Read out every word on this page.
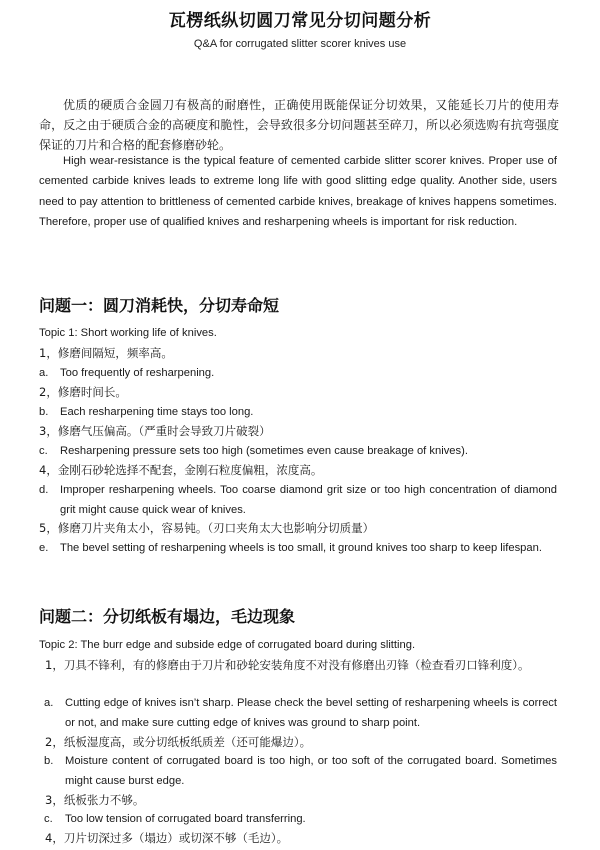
瓦楞纸纵切圆刀常见分切问题分析
Q&A for corrugated slitter scorer knives use
优质的硬质合金圆刀有极高的耐磨性，正确使用既能保证分切效果，又能延长刀片的使用寿命，反之由于硬质合金的高硬度和脆性，会导致很多分切问题甚至碎刀，所以必须选购有抗弯强度保证的刀片和合格的配套修磨砂轮。
High wear-resistance is the typical feature of cemented carbide slitter scorer knives. Proper use of cemented carbide knives leads to extreme long life with good slitting edge quality. Another side, users need to pay attention to brittleness of cemented carbide knives, breakage of knives happens sometimes. Therefore, proper use of qualified knives and resharpening wheels is important for risk reduction.
问题一：圆刀消耗快，分切寿命短
Topic 1: Short working life of knives.
1，修磨间隔短，频率高。
a.	Too frequently of resharpening.
2，修磨时间长。
b.	Each resharpening time stays too long.
3，修磨气压偏高。（严重时会导致刀片破裂）
c.	Resharpening pressure sets too high (sometimes even cause breakage of knives).
4，金刚石砂轮选择不配套，金刚石粒度偏粗，浓度高。
d.	Improper resharpening wheels. Too coarse diamond grit size or too high concentration of diamond grit might cause quick wear of knives.
5，修磨刀片夹角太小，容易钝。（刃口夹角太大也影响分切质量）
e.	The bevel setting of resharpening wheels is too small, it ground knives too sharp to keep lifespan.
问题二：分切纸板有塌边，毛边现象
Topic 2: The burr edge and subside edge of corrugated board during slitting.
1，刀具不锋利，有的修磨由于刀片和砂轮安装角度不对没有修磨出刃锋（检查看刃口锋利度）。
a.	Cutting edge of knives isn’t sharp. Please check the bevel setting of resharpening wheels is correct or not, and make sure cutting edge of knives was ground to sharp point.
2，纸板湿度高，或分切纸板纸质差（还可能爆边）。
b.	Moisture content of corrugated board is too high, or too soft of the corrugated board. Sometimes might cause burst edge.
3，纸板张力不够。
c.	Too low tension of corrugated board transferring.
4，刀片切深过多（塌边）或切深不够（毛边）。
